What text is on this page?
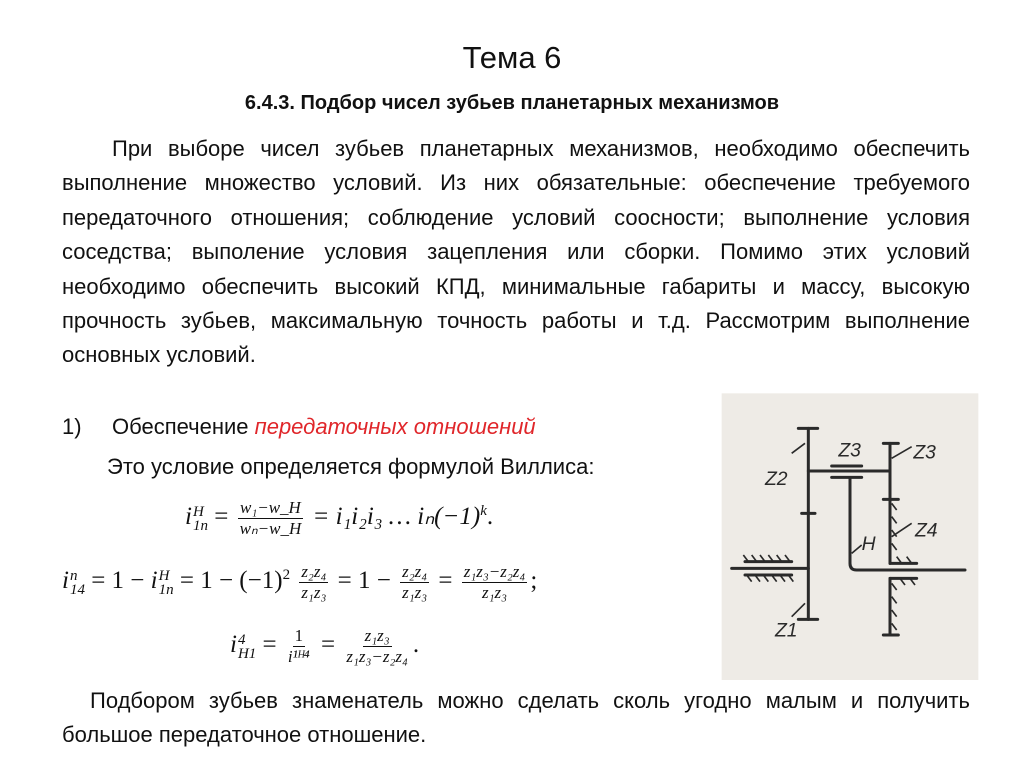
Тема 6
6.4.3. Подбор чисел зубьев планетарных механизмов
При выборе чисел зубьев планетарных механизмов, необходимо обеспечить выполнение множество условий. Из них обязательные: обеспечение требуемого передаточного отношения; соблюдение условий соосности; выполнение условия соседства; выполение условия зацепления или сборки. Помимо этих условий необходимо обеспечить высокий КПД, минимальные габариты и массу, высокую прочность зубьев, максимальную точность работы и т.д. Рассмотрим выполнение основных условий.
1) Обеспечение передаточных отношений
Это условие определяется формулой Виллиса:
i H
$1n = \frac{\text{w₁−w\_H}}{\text{wₙ−w\_H}} = i_1i_2i_3$ … $i_n(-1)^k$.
i n
14 = 1 − i H
$1n = 1 - (-1)^2 \frac{\text{z₂z₄}}{\text{z₁z₃}} = 1 - \frac{\text{z₂z₄}}{\text{z₁z₃}} = \frac{\text{z₁z₃−z₂z₄}}{\text{z₁z₃}}$ ;
i 4
$H1 = \frac{1}{\text{i¹ᴴ⁴}} = \frac{\text{z₁z₃}}{\text{z₁z₃−z₂z₄}}$ .
Z2
Z3 Z3
Z4
H
Z1
Подбором зубьев знаменатель можно сделать сколь угодно малым и получить большое передаточное отношение.
